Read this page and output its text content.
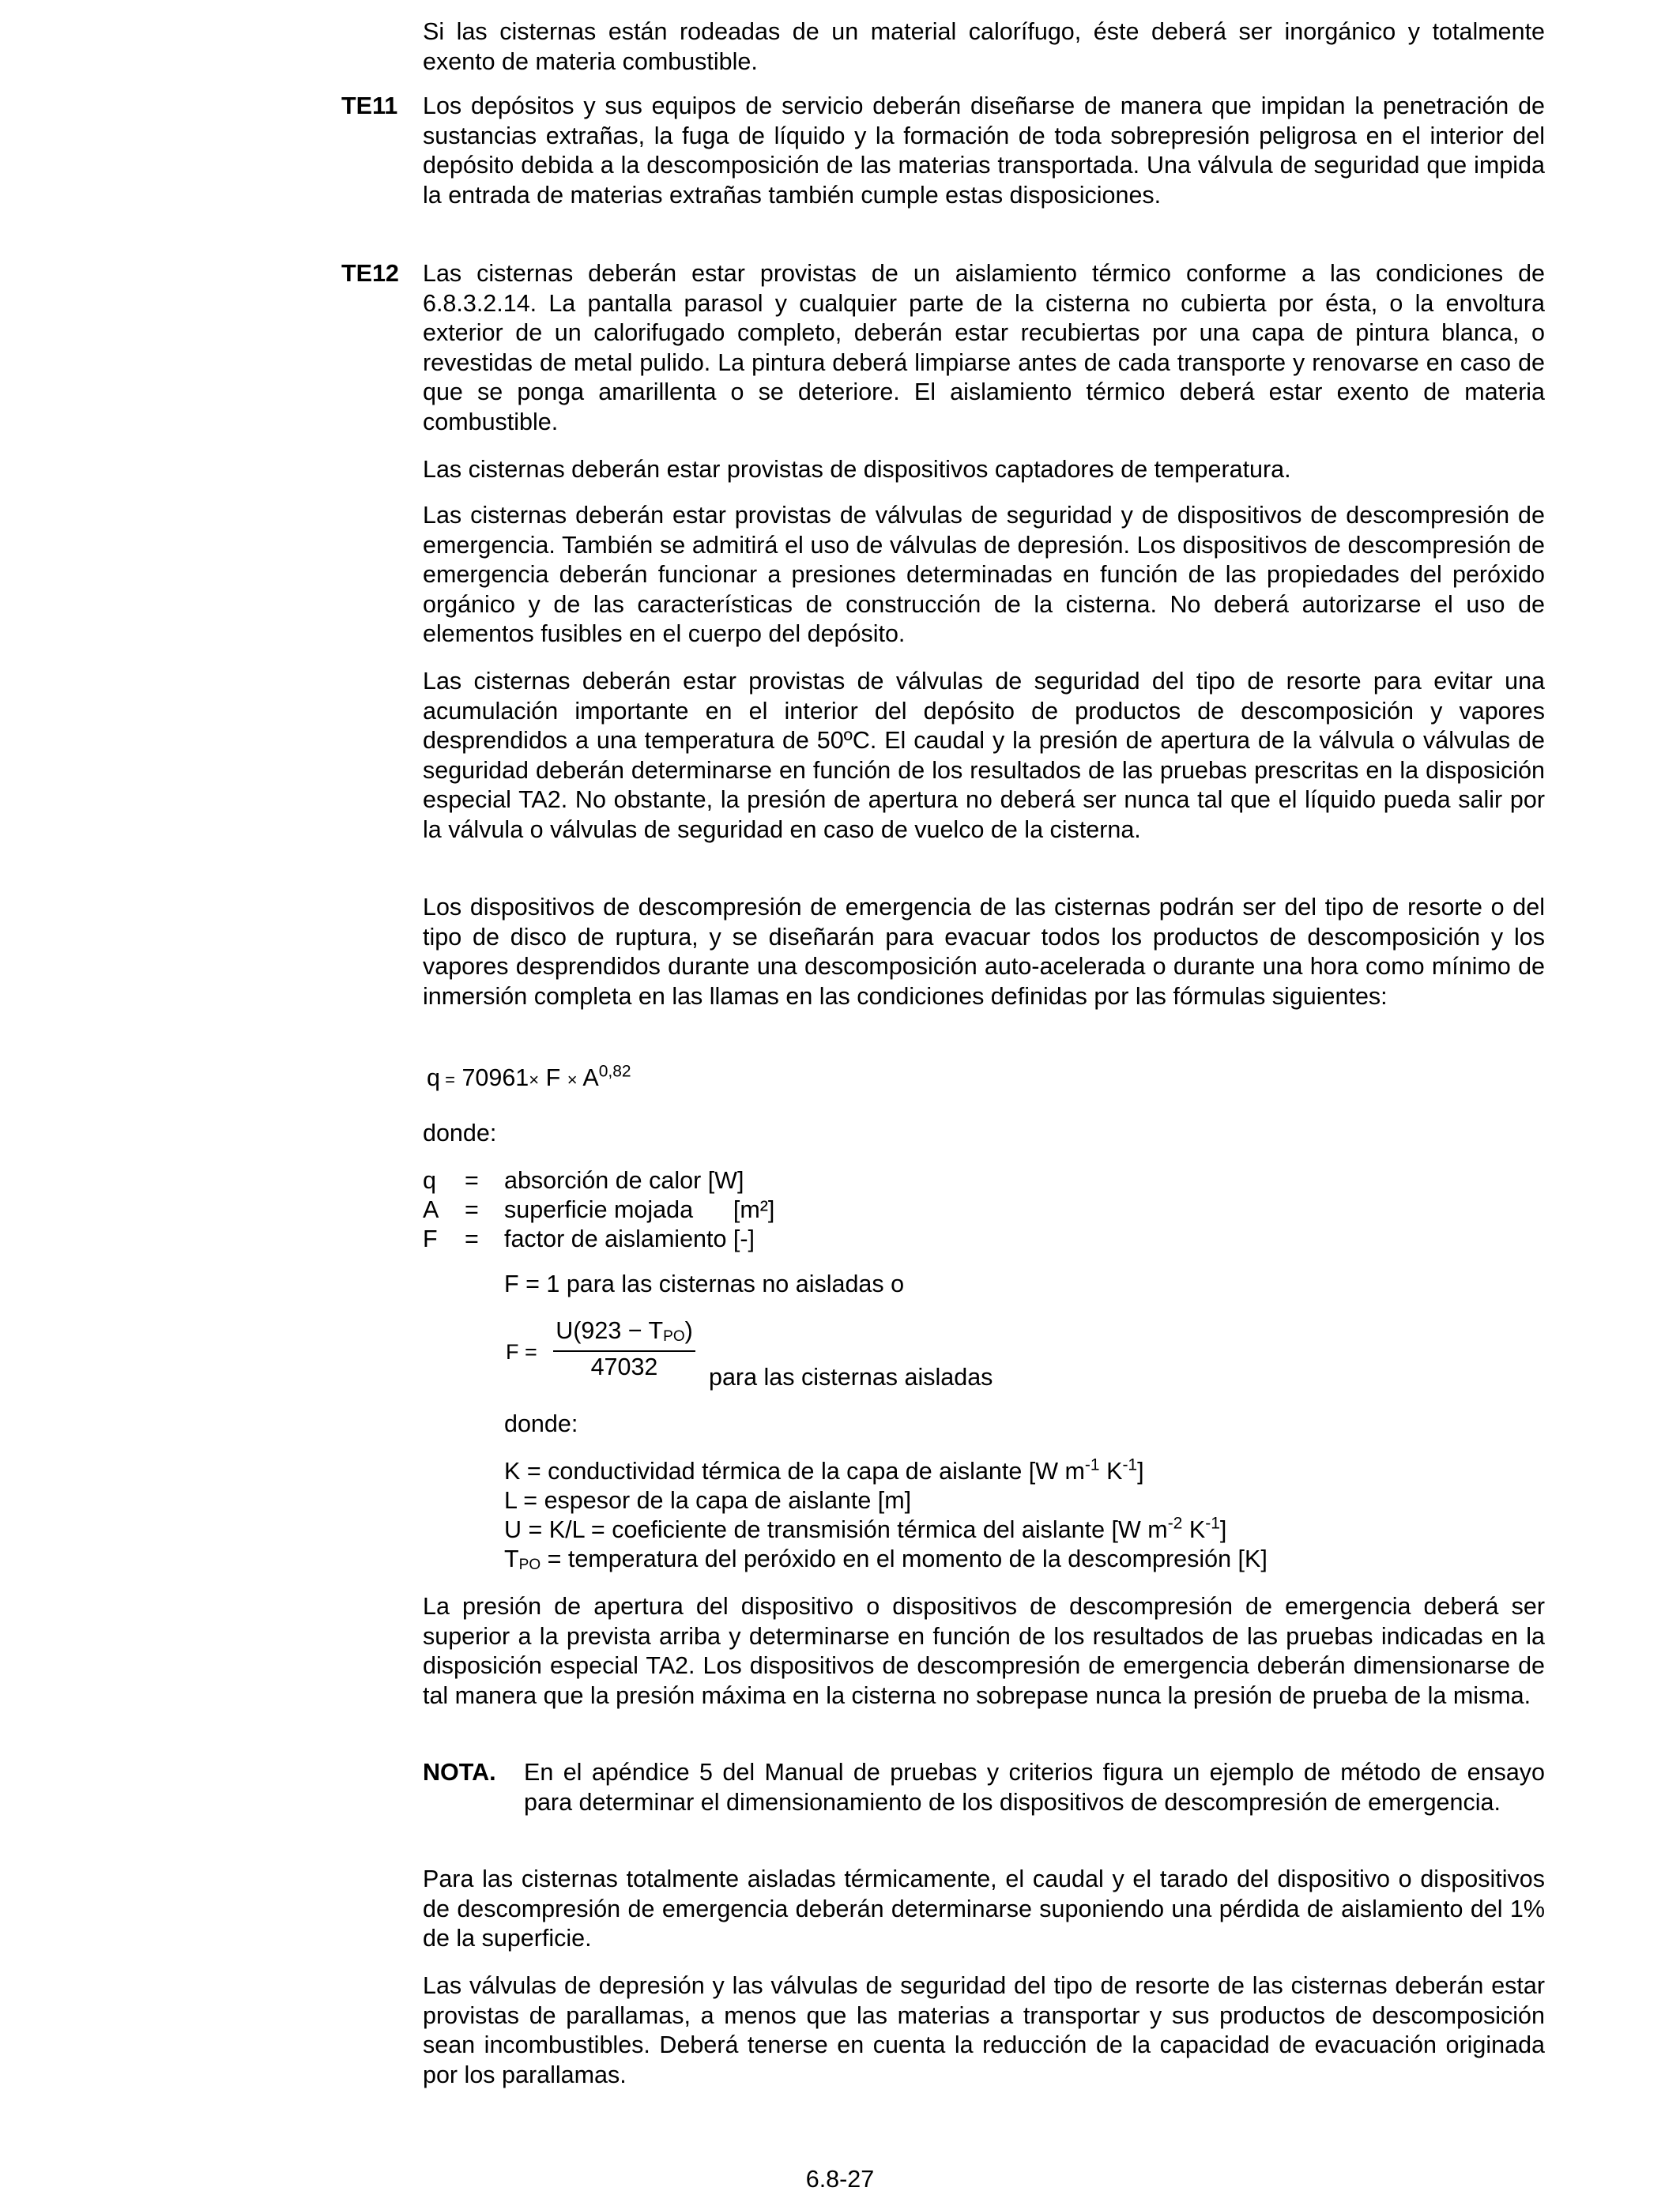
Si las cisternas están rodeadas de un material calorífugo, éste deberá ser inorgánico y totalmente exento de materia combustible.

TE11 Los depósitos y sus equipos de servicio deberán diseñarse de manera que impidan la penetración de sustancias extrañas, la fuga de líquido y la formación de toda sobrepresión peligrosa en el interior del depósito debida a la descomposición de las materias transportada. Una válvula de seguridad que impida la entrada de materias extrañas también cumple estas disposiciones.

TE12 Las cisternas deberán estar provistas de un aislamiento térmico conforme a las condiciones de 6.8.3.2.14. La pantalla parasol y cualquier parte de la cisterna no cubierta por ésta, o la envoltura exterior de un calorifugado completo, deberán estar recubiertas por una capa de pintura blanca, o revestidas de metal pulido. La pintura deberá limpiarse antes de cada transporte y renovarse en caso de que se ponga amarillenta o se deteriore. El aislamiento térmico deberá estar exento de materia combustible.

Las cisternas deberán estar provistas de dispositivos captadores de temperatura.

Las cisternas deberán estar provistas de válvulas de seguridad y de dispositivos de descompresión de emergencia. También se admitirá el uso de válvulas de depresión. Los dispositivos de descompresión de emergencia deberán funcionar a presiones determinadas en función de las propiedades del peróxido orgánico y de las características de construcción de la cisterna. No deberá autorizarse el uso de elementos fusibles en el cuerpo del depósito.

Las cisternas deberán estar provistas de válvulas de seguridad del tipo de resorte para evitar una acumulación importante en el interior del depósito de productos de descomposición y vapores desprendidos a una temperatura de 50ºC. El caudal y la presión de apertura de la válvula o válvulas de seguridad deberán determinarse en función de los resultados de las pruebas prescritas en la disposición especial TA2. No obstante, la presión de apertura no deberá ser nunca tal que el líquido pueda salir por la válvula o válvulas de seguridad en caso de vuelco de la cisterna.

Los dispositivos de descompresión de emergencia de las cisternas podrán ser del tipo de resorte o del tipo de disco de ruptura, y se diseñarán para evacuar todos los productos de descomposición y los vapores desprendidos durante una descomposición auto-acelerada o durante una hora como mínimo de inmersión completa en las llamas en las condiciones definidas por las fórmulas siguientes:

q = 70961× F × A$^{0,82}$
donde:
q = absorción de calor [W]
A = superficie mojada      [m²]
F = factor de aislamiento [-]
F = 1 para las cisternas no aisladas o
F =
$U(923 - T_{PO})$
47032	para las cisternas aisladas
donde:
K = conductividad térmica de la capa de aislante [W $m^{-1}$ $K^{-1}$]
L = espesor de la capa de aislante [m]
U = K/L = coeficiente de transmisión térmica del aislante [W $m^{-2}$ $K^{-1}$]
$T_{PO}$ = temperatura del peróxido en el momento de la descompresión [K]

La presión de apertura del dispositivo o dispositivos de descompresión de emergencia deberá ser superior a la prevista arriba y determinarse en función de los resultados de las pruebas indicadas en la disposición especial TA2. Los dispositivos de descompresión de emergencia deberán dimensionarse de tal manera que la presión máxima en la cisterna no sobrepase nunca la presión de prueba de la misma.

NOTA. En el apéndice 5 del Manual de pruebas y criterios figura un ejemplo de método de ensayo para determinar el dimensionamiento de los dispositivos de descompresión de emergencia.

Para las cisternas totalmente aisladas térmicamente, el caudal y el tarado del dispositivo o dispositivos de descompresión de emergencia deberán determinarse suponiendo una pérdida de aislamiento del 1% de la superficie.

Las válvulas de depresión y las válvulas de seguridad del tipo de resorte de las cisternas deberán estar provistas de parallamas, a menos que las materias a transportar y sus productos de descomposición sean incombustibles. Deberá tenerse en cuenta la reducción de la capacidad de evacuación originada por los parallamas.

6.8-27
